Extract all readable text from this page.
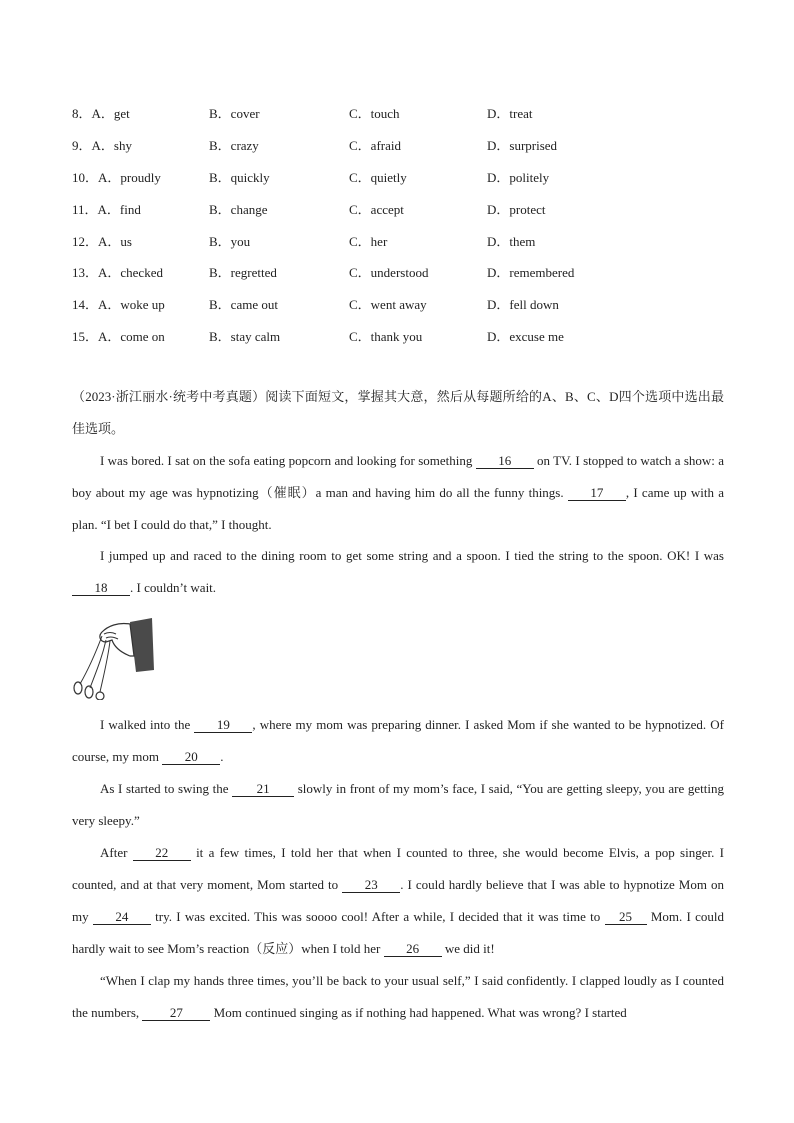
8．A．get	B．cover	C．touch	D．treat
9．A．shy	B．crazy	C．afraid	D．surprised
10．A．proudly	B．quickly	C．quietly	D．politely
11．A．find	B．change	C．accept	D．protect
12．A．us	B．you	C．her	D．them
13．A．checked	B．regretted	C．understood	D．remembered
14．A．woke up	B．came out	C．went away	D．fell down
15．A．come on	B．stay calm	C．thank you	D．excuse me

（2023·浙江丽水·统考中考真题）阅读下面短文，掌握其大意，然后从每题所给的A、B、C、D四个选项中选出最佳选项。

I was bored. I sat on the sofa eating popcorn and looking for something 16 on TV. I stopped to watch a show: a boy about my age was hypnotizing（催眠）a man and having him do all the funny things. 17 , I came up with a plan. “I bet I could do that,” I thought.

I jumped up and raced to the dining room to get some string and a spoon. I tied the string to the spoon. OK! I was 18 . I couldn’t wait.

I walked into the 19 , where my mom was preparing dinner. I asked Mom if she wanted to be hypnotized. Of course, my mom 20 .

As I started to swing the 21 slowly in front of my mom’s face, I said, “You are getting sleepy, you are getting very sleepy.”

After 22 it a few times, I told her that when I counted to three, she would become Elvis, a pop singer. I counted, and at that very moment, Mom started to 23 . I could hardly believe that I was able to hypnotize Mom on my 24 try. I was excited. This was soooo cool! After a while, I decided that it was time to 25 Mom. I could hardly wait to see Mom’s reaction（反应）when I told her 26 we did it!

“When I clap my hands three times, you’ll be back to your usual self,” I said confidently. I clapped loudly as I counted the numbers, 27 Mom continued singing as if nothing had happened. What was wrong? I started
